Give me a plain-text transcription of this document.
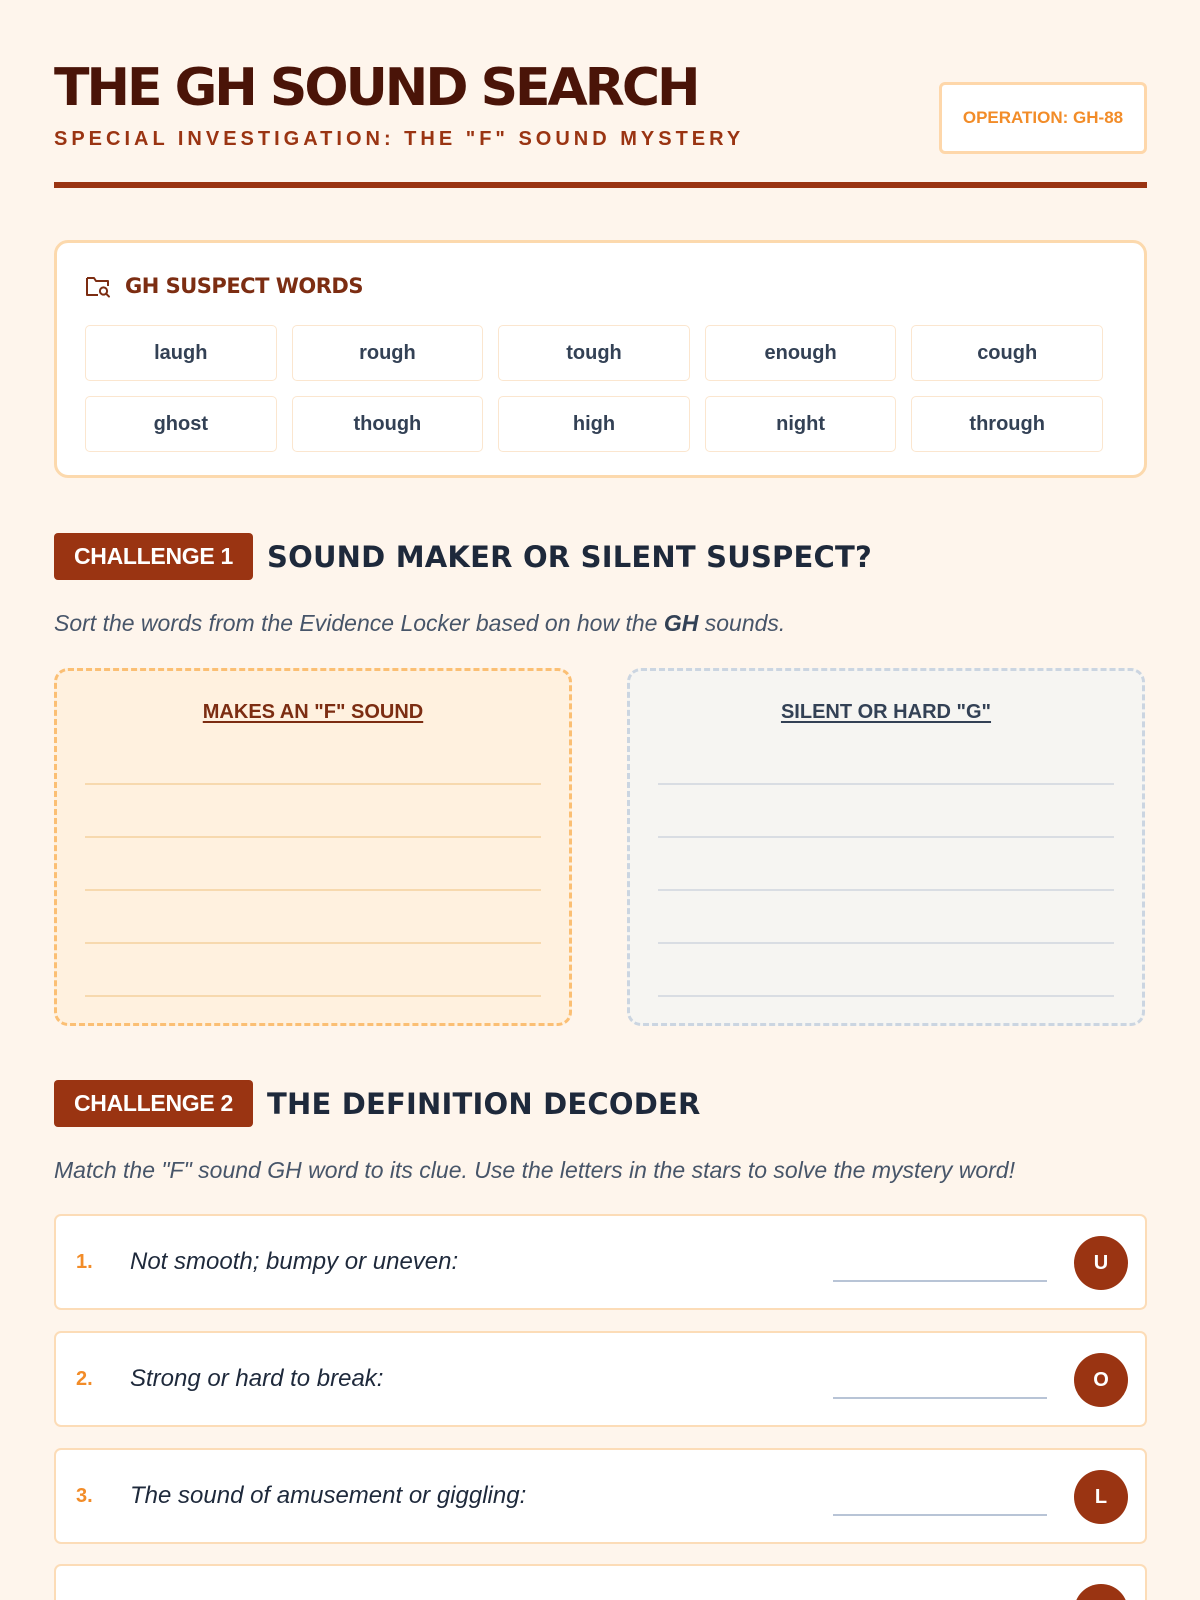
THE GH SOUND SEARCH
SPECIAL INVESTIGATION: THE "F" SOUND MYSTERY
OPERATION: GH-88
GH SUSPECT WORDS
laugh	rough	tough	enough	cough
ghost	though	high	night	through
CHALLENGE 1	SOUND MAKER OR SILENT SUSPECT?
Sort the words from the Evidence Locker based on how the GH sounds.
MAKES AN "F" SOUND	SILENT OR HARD "G"
CHALLENGE 2	THE DEFINITION DECODER
Match the "F" sound GH word to its clue. Use the letters in the stars to solve the mystery word!
1. Not smooth; bumpy or uneven:	U
2. Strong or hard to break:	O
3. The sound of amusement or giggling:	L
